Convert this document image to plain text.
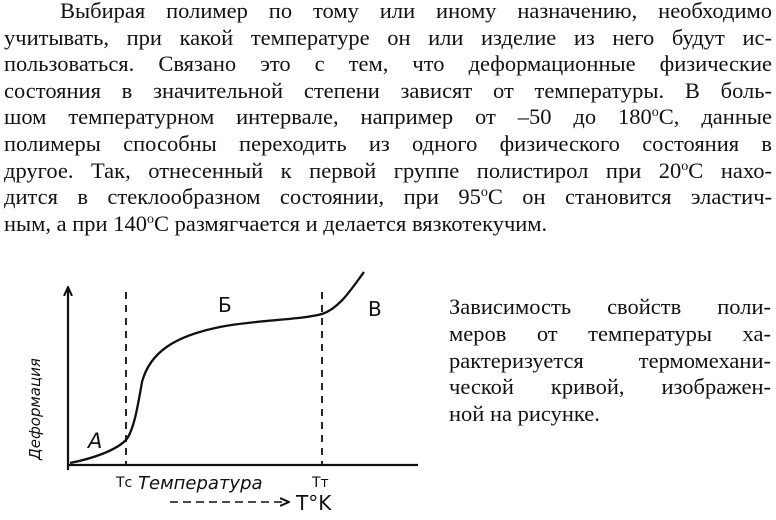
Выбирая полимер по тому или иному назначению, необходимо
учитывать, при какой температуре он или изделие из него будут ис-
пользоваться. Связано это с тем, что деформационные физические
состояния в значительной степени зависят от температуры. В боль-
шом температурном интервале, например от –50 до 180$^o$С, данные
полимеры способны переходить из одного физического состояния в
другое. Так, отнесенный к первой группе полистирол при 20$^o$С нахо-
дится в стеклообразном состоянии, при 95$^o$С он становится эластич-
ным, а при 140$^o$С размягчается и делается вязкотекучим.
А
Б	В
Деформация
Тс	Тт
Температура
T°K
Зависимость свойств поли-
меров от температуры ха-
рактеризуется термомехани-
ческой кривой, изображен-
ной на рисунке.
